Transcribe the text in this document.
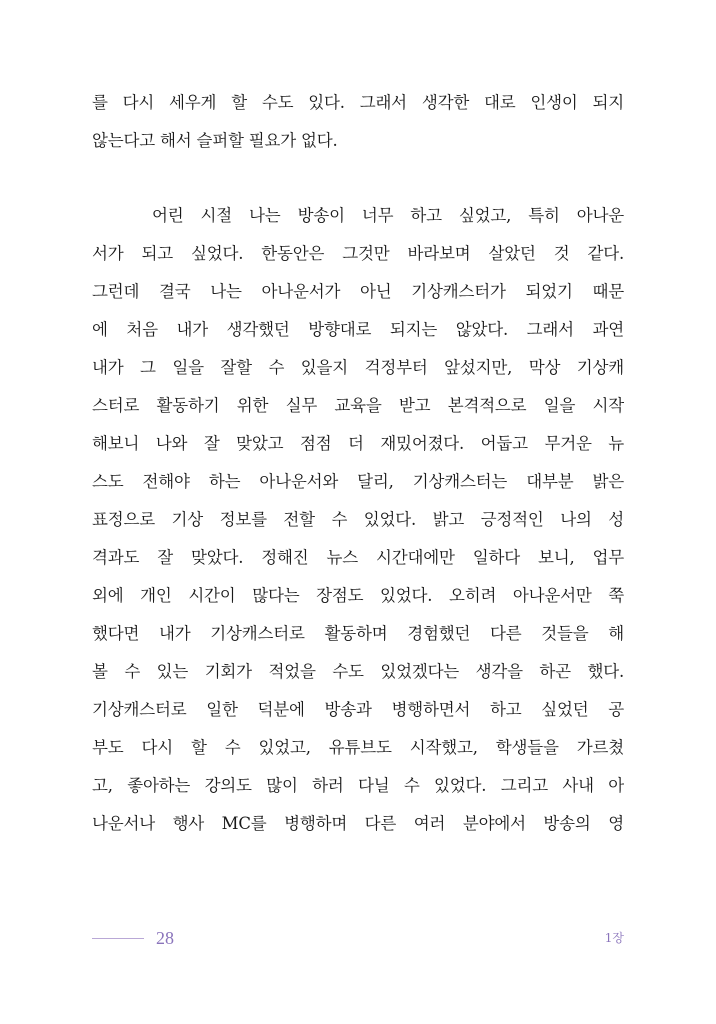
를 다시 세우게 할 수도 있다. 그래서 생각한 대로 인생이 되지
않는다고 해서 슬퍼할 필요가 없다.
어린 시절 나는 방송이 너무 하고 싶었고, 특히 아나운
서가 되고 싶었다. 한동안은 그것만 바라보며 살았던 것 같다.
그런데 결국 나는 아나운서가 아닌 기상캐스터가 되었기 때문
에 처음 내가 생각했던 방향대로 되지는 않았다. 그래서 과연
내가 그 일을 잘할 수 있을지 걱정부터 앞섰지만, 막상 기상캐
스터로 활동하기 위한 실무 교육을 받고 본격적으로 일을 시작
해보니 나와 잘 맞았고 점점 더 재밌어졌다. 어둡고 무거운 뉴
스도 전해야 하는 아나운서와 달리, 기상캐스터는 대부분 밝은
표정으로 기상 정보를 전할 수 있었다. 밝고 긍정적인 나의 성
격과도 잘 맞았다. 정해진 뉴스 시간대에만 일하다 보니, 업무
외에 개인 시간이 많다는 장점도 있었다. 오히려 아나운서만 쭉
했다면 내가 기상캐스터로 활동하며 경험했던 다른 것들을 해
볼 수 있는 기회가 적었을 수도 있었겠다는 생각을 하곤 했다.
기상캐스터로 일한 덕분에 방송과 병행하면서 하고 싶었던 공
부도 다시 할 수 있었고, 유튜브도 시작했고, 학생들을 가르쳤
고, 좋아하는 강의도 많이 하러 다닐 수 있었다. 그리고 사내 아
나운서나 행사 MC를 병행하며 다른 여러 분야에서 방송의 영
28	1장
